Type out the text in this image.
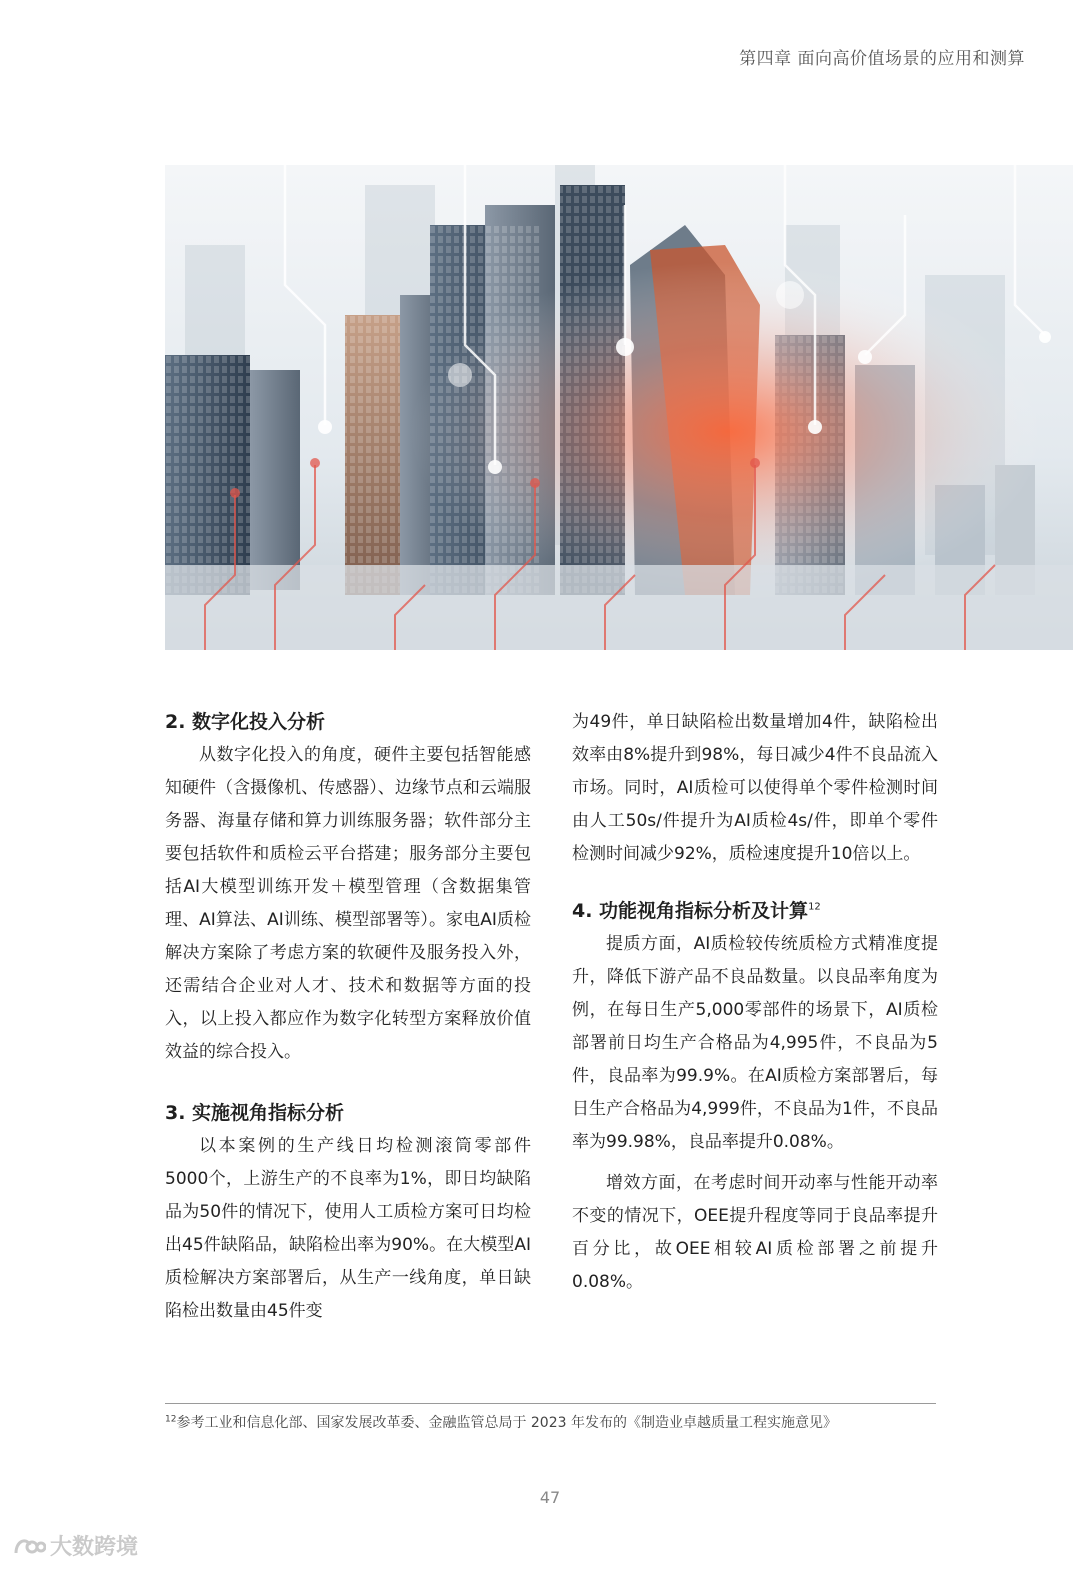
第四章 面向高价值场景的应用和测算
2. 数字化投入分析

从数字化投入的角度，硬件主要包括智能感知硬件（含摄像机、传感器）、边缘节点和云端服务器、海量存储和算力训练服务器；软件部分主要包括软件和质检云平台搭建；服务部分主要包括AI大模型训练开发＋模型管理（含数据集管理、AI算法、AI训练、模型部署等）。家电AI质检解决方案除了考虑方案的软硬件及服务投入外，还需结合企业对人才、技术和数据等方面的投入，以上投入都应作为数字化转型方案释放价值效益的综合投入。

3. 实施视角指标分析

以本案例的生产线日均检测滚筒零部件5000个，上游生产的不良率为1%，即日均缺陷品为50件的情况下，使用人工质检方案可日均检出45件缺陷品，缺陷检出率为90%。在大模型AI质检解决方案部署后，从生产一线角度，单日缺陷检出数量由45件变

为49件，单日缺陷检出数量增加4件，缺陷检出效率由8%提升到98%，每日减少4件不良品流入市场。同时，AI质检可以使得单个零件检测时间由人工50s/件提升为AI质检4s/件，即单个零件检测时间减少92%，质检速度提升10倍以上。

4. 功能视角指标分析及计算$^{12}$

提质方面，AI质检较传统质检方式精准度提升，降低下游产品不良品数量。以良品率角度为例，在每日生产5,000零部件的场景下，AI质检部署前日均生产合格品为4,995件，不良品为5件，良品率为99.9%。在AI质检方案部署后，每日生产合格品为4,999件，不良品为1件，不良品率为99.98%，良品率提升0.08%。

增效方面，在考虑时间开动率与性能开动率不变的情况下，OEE提升程度等同于良品率提升百分比，故OEE相较AI质检部署之前提升0.08%。

$^{12}$参考工业和信息化部、国家发展改革委、金融监管总局于 2023 年发布的《制造业卓越质量工程实施意见》
47
大数跨境
